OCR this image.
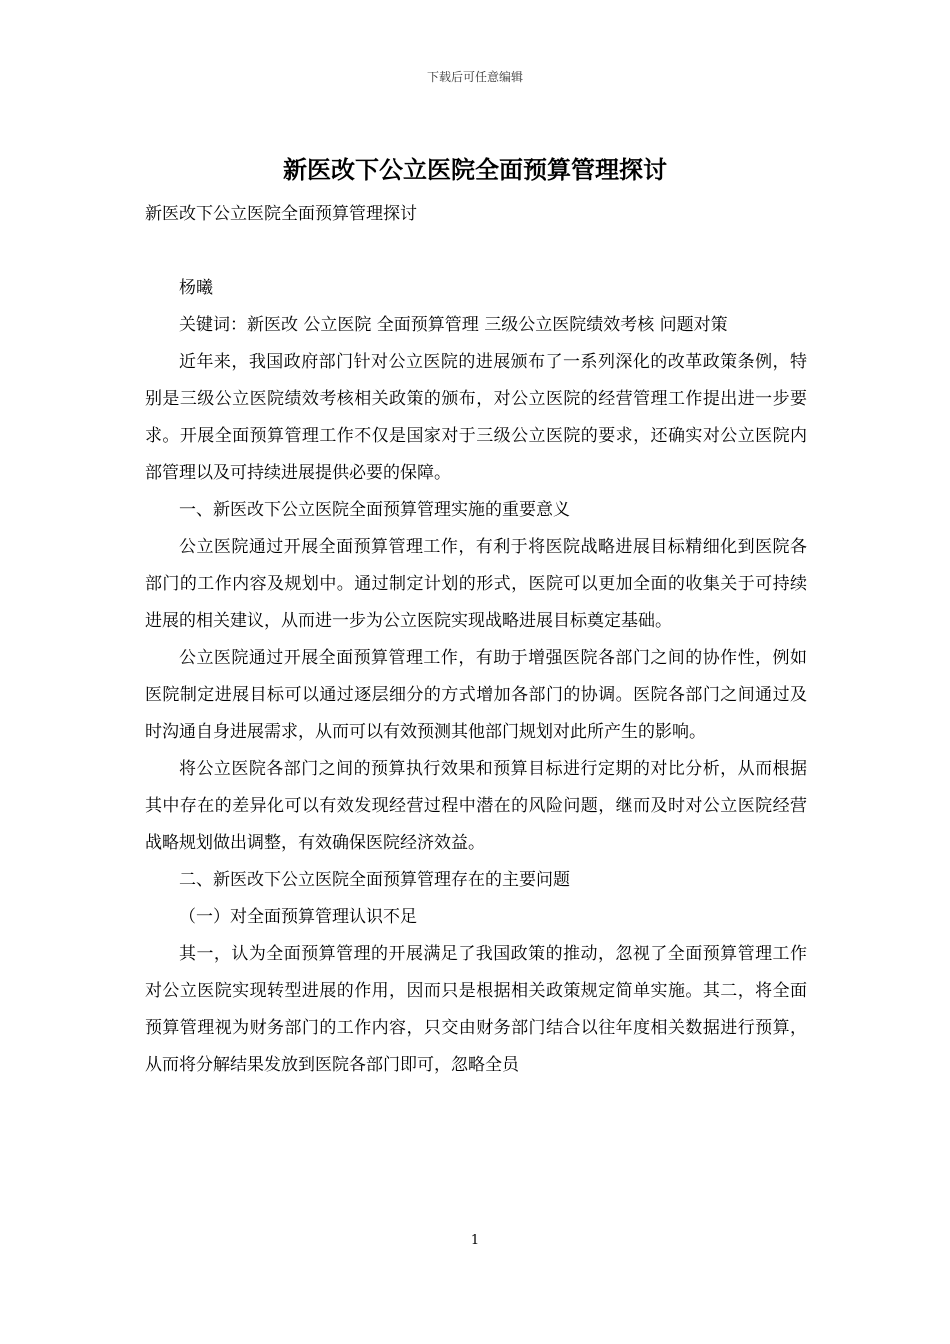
下载后可任意编辑
新医改下公立医院全面预算管理探讨

新医改下公立医院全面预算管理探讨

杨曦

关键词：新医改 公立医院 全面预算管理 三级公立医院绩效考核 问题对策

近年来，我国政府部门针对公立医院的进展颁布了一系列深化的改革政策条例，特别是三级公立医院绩效考核相关政策的颁布，对公立医院的经营管理工作提出进一步要求。开展全面预算管理工作不仅是国家对于三级公立医院的要求，还确实对公立医院内部管理以及可持续进展提供必要的保障。

一、新医改下公立医院全面预算管理实施的重要意义

公立医院通过开展全面预算管理工作，有利于将医院战略进展目标精细化到医院各部门的工作内容及规划中。通过制定计划的形式，医院可以更加全面的收集关于可持续进展的相关建议，从而进一步为公立医院实现战略进展目标奠定基础。

公立医院通过开展全面预算管理工作，有助于增强医院各部门之间的协作性，例如医院制定进展目标可以通过逐层细分的方式增加各部门的协调。医院各部门之间通过及时沟通自身进展需求，从而可以有效预测其他部门规划对此所产生的影响。

将公立医院各部门之间的预算执行效果和预算目标进行定期的对比分析，从而根据其中存在的差异化可以有效发现经营过程中潜在的风险问题，继而及时对公立医院经营战略规划做出调整，有效确保医院经济效益。

二、新医改下公立医院全面预算管理存在的主要问题

（一）对全面预算管理认识不足

其一，认为全面预算管理的开展满足了我国政策的推动，忽视了全面预算管理工作对公立医院实现转型进展的作用，因而只是根据相关政策规定简单实施。其二，将全面预算管理视为财务部门的工作内容，只交由财务部门结合以往年度相关数据进行预算，从而将分解结果发放到医院各部门即可，忽略全员

1
